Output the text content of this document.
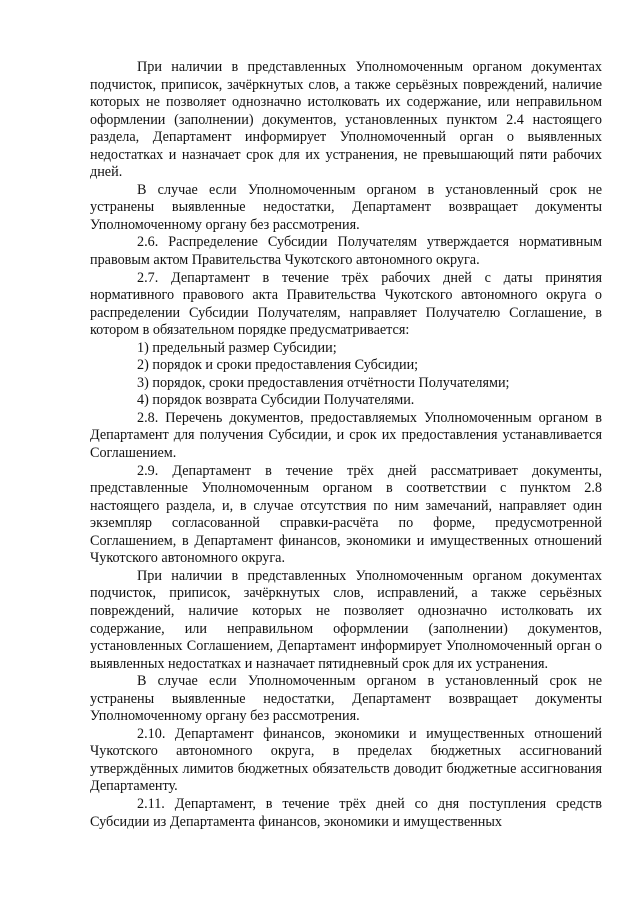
При наличии в представленных Уполномоченным органом документах подчисток, приписок, зачёркнутых слов, а также серьёзных повреждений, наличие которых не позволяет однозначно истолковать их содержание, или неправильном оформлении (заполнении) документов, установленных пунктом 2.4 настоящего раздела, Департамент информирует Уполномоченный орган о выявленных недостатках и назначает срок для их устранения, не превышающий пяти рабочих дней.

В случае если Уполномоченным органом в установленный срок не устранены выявленные недостатки, Департамент возвращает документы Уполномоченному органу без рассмотрения.

2.6. Распределение Субсидии Получателям утверждается нормативным правовым актом Правительства Чукотского автономного округа.

2.7. Департамент в течение трёх рабочих дней с даты принятия нормативного правового акта Правительства Чукотского автономного округа о распределении Субсидии Получателям, направляет Получателю Соглашение, в котором в обязательном порядке предусматривается:

1) предельный размер Субсидии;

2) порядок и сроки предоставления Субсидии;

3) порядок, сроки предоставления отчётности Получателями;

4) порядок возврата Субсидии Получателями.

2.8. Перечень документов, предоставляемых Уполномоченным органом в Департамент для получения Субсидии, и срок их предоставления устанавливается Соглашением.

2.9. Департамент в течение трёх дней рассматривает документы, представленные Уполномоченным органом в соответствии с пунктом 2.8 настоящего раздела, и, в случае отсутствия по ним замечаний, направляет один экземпляр согласованной справки-расчёта по форме, предусмотренной Соглашением, в Департамент финансов, экономики и имущественных отношений Чукотского автономного округа.

При наличии в представленных Уполномоченным органом документах подчисток, приписок, зачёркнутых слов, исправлений, а также серьёзных повреждений, наличие которых не позволяет однозначно истолковать их содержание, или неправильном оформлении (заполнении) документов, установленных Соглашением, Департамент информирует Уполномоченный орган о выявленных недостатках и назначает пятидневный срок для их устранения.

В случае если Уполномоченным органом в установленный срок не устранены выявленные недостатки, Департамент возвращает документы Уполномоченному органу без рассмотрения.

2.10. Департамент финансов, экономики и имущественных отношений Чукотского автономного округа, в пределах бюджетных ассигнований утверждённых лимитов бюджетных обязательств доводит бюджетные ассигнования Департаменту.

2.11. Департамент, в течение трёх дней со дня поступления средств Субсидии из Департамента финансов, экономики и имущественных
